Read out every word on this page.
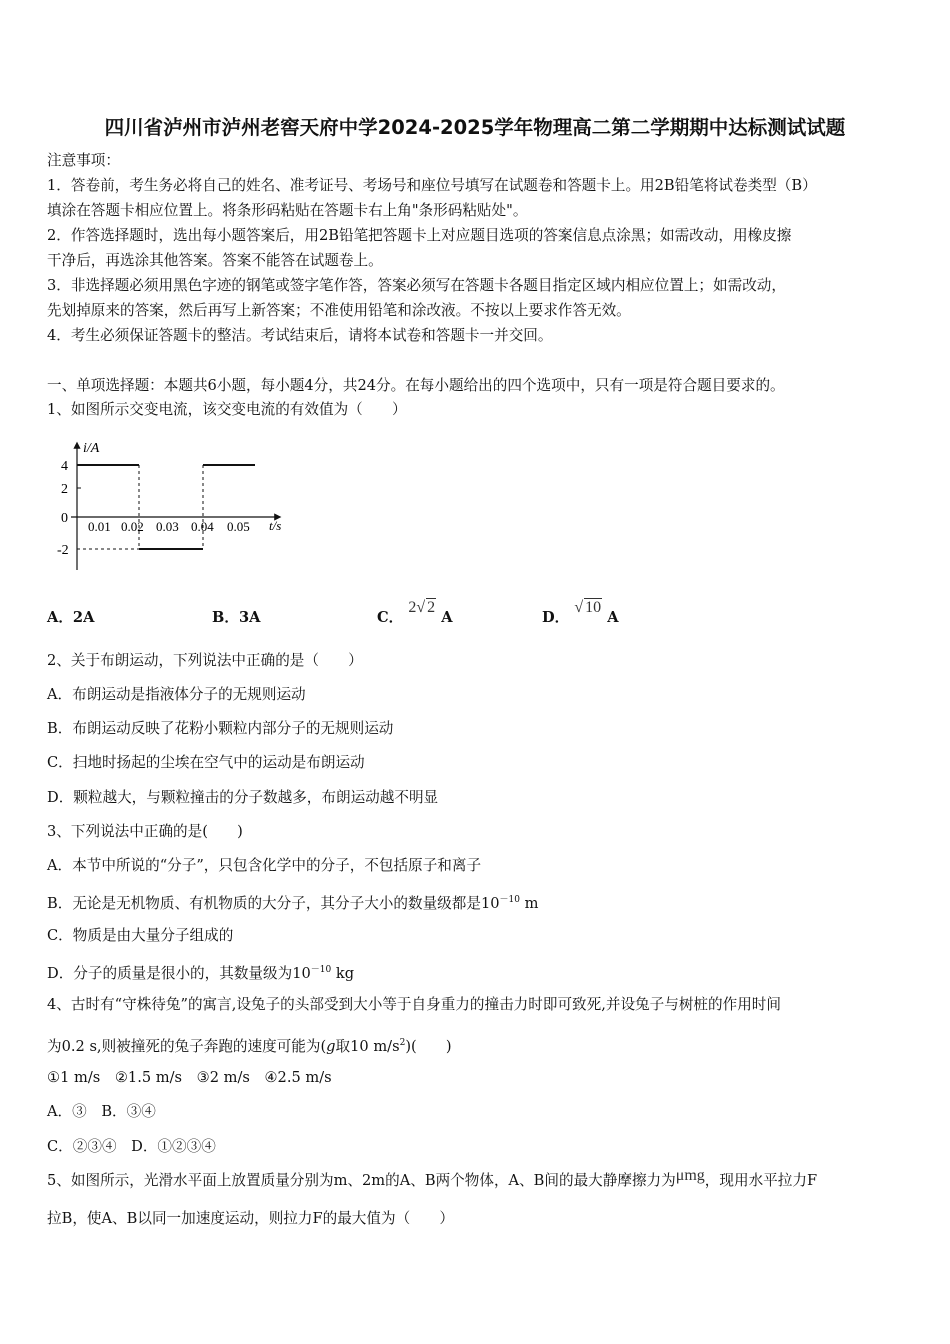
四川省泸州市泸州老窖天府中学2024-2025学年物理高二第二学期期中达标测试试题
注意事项：
1．答卷前，考生务必将自己的姓名、准考证号、考场号和座位号填写在试题卷和答题卡上。用2B铅笔将试卷类型（B）
填涂在答题卡相应位置上。将条形码粘贴在答题卡右上角"条形码粘贴处"。
2．作答选择题时，选出每小题答案后，用2B铅笔把答题卡上对应题目选项的答案信息点涂黑；如需改动，用橡皮擦
干净后，再选涂其他答案。答案不能答在试题卷上。
3．非选择题必须用黑色字迹的钢笔或签字笔作答，答案必须写在答题卡各题目指定区域内相应位置上；如需改动，
先划掉原来的答案，然后再写上新答案；不准使用铅笔和涂改液。不按以上要求作答无效。
4．考生必须保证答题卡的整洁。考试结束后，请将本试卷和答题卡一并交回。
一、单项选择题：本题共6小题，每小题4分，共24分。在每小题给出的四个选项中，只有一项是符合题目要求的。
1、如图所示交变电流，该交变电流的有效值为（　　）
i/A
t/s
4
2
0
-2
0.01 0.02 0.03 0.04 0.05
A．2A	B．3A	C． 2√ 2 A	D． √ 10 A
2、关于布朗运动，下列说法中正确的是（　　）
A．布朗运动是指液体分子的无规则运动
B．布朗运动反映了花粉小颗粒内部分子的无规则运动
C．扫地时扬起的尘埃在空气中的运动是布朗运动
D．颗粒越大，与颗粒撞击的分子数越多，布朗运动越不明显
3、下列说法中正确的是(　　)
A．本节中所说的“分子”，只包含化学中的分子，不包括原子和离子
B．无论是无机物质、有机物质的大分子，其分子大小的数量级都是$10^{-10}$ m
C．物质是由大量分子组成的
D．分子的质量是很小的，其数量级为$10^{-10}$ kg
4、古时有“守株待兔”的寓言,设兔子的头部受到大小等于自身重力的撞击力时即可致死,并设兔子与树桩的作用时间
为0.2 s,则被撞死的兔子奔跑的速度可能为(g取10 $m/s^2$)(　　)
①1 m/s　②1.5 m/s　③2 m/s　④2.5 m/s
A．③　B．③④
C．②③④　D．①②③④
5、如图所示，光滑水平面上放置质量分别为m、2m的A、B两个物体，A、B间的最大静摩擦力为μmg，现用水平拉力F
拉B，使A、B以同一加速度运动，则拉力F的最大值为（　　）
